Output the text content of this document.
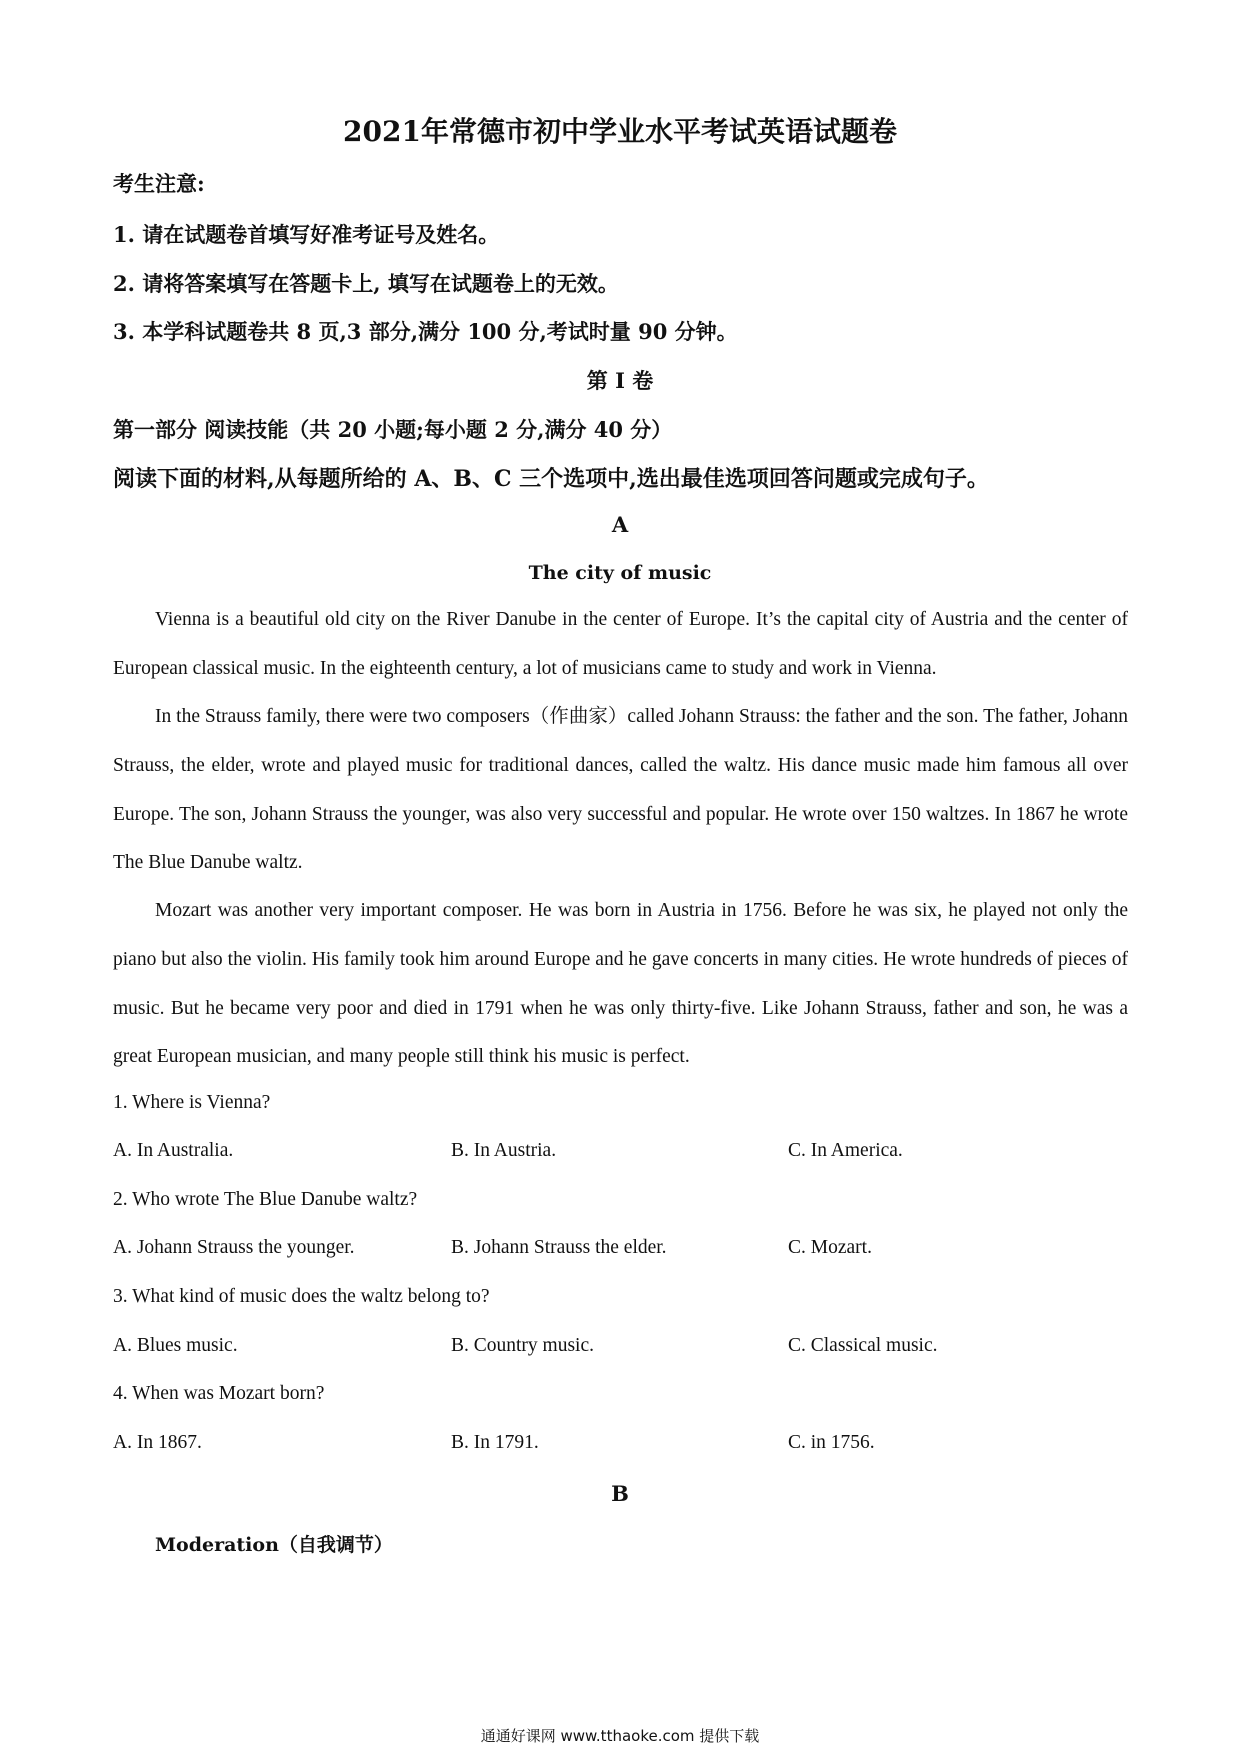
2021年常德市初中学业水平考试英语试题卷
考生注意:
1. 请在试题卷首填写好准考证号及姓名。
2. 请将答案填写在答题卡上, 填写在试题卷上的无效。
3. 本学科试题卷共 8 页,3 部分,满分 100 分,考试时量 90 分钟。
第 I 卷
第一部分 阅读技能（共 20 小题;每小题 2 分,满分 40 分）
阅读下面的材料,从每题所给的 A、B、C 三个选项中,选出最佳选项回答问题或完成句子。
A
The city of music

Vienna is a beautiful old city on the River Danube in the center of Europe. It’s the capital city of Austria and the center of European classical music. In the eighteenth century, a lot of musicians came to study and work in Vienna.

In the Strauss family, there were two composers（作曲家）called Johann Strauss: the father and the son. The father, Johann Strauss, the elder, wrote and played music for traditional dances, called the waltz. His dance music made him famous all over Europe. The son, Johann Strauss the younger, was also very successful and popular. He wrote over 150 waltzes. In 1867 he wrote The Blue Danube waltz.

Mozart was another very important composer. He was born in Austria in 1756. Before he was six, he played not only the piano but also the violin. His family took him around Europe and he gave concerts in many cities. He wrote hundreds of pieces of music. But he became very poor and died in 1791 when he was only thirty-five. Like Johann Strauss, father and son, he was a great European musician, and many people still think his music is perfect.

1. Where is Vienna?
A. In Australia.	B. In Austria.	C. In America.
2. Who wrote The Blue Danube waltz?
A. Johann Strauss the younger.	B. Johann Strauss the elder.	C. Mozart.
3. What kind of music does the waltz belong to?
A. Blues music.	B. Country music.	C. Classical music.
4. When was Mozart born?
A. In 1867.	B. In 1791.	C. in 1756.
B
Moderation（自我调节）
通通好课网 www.tthaoke.com 提供下载
